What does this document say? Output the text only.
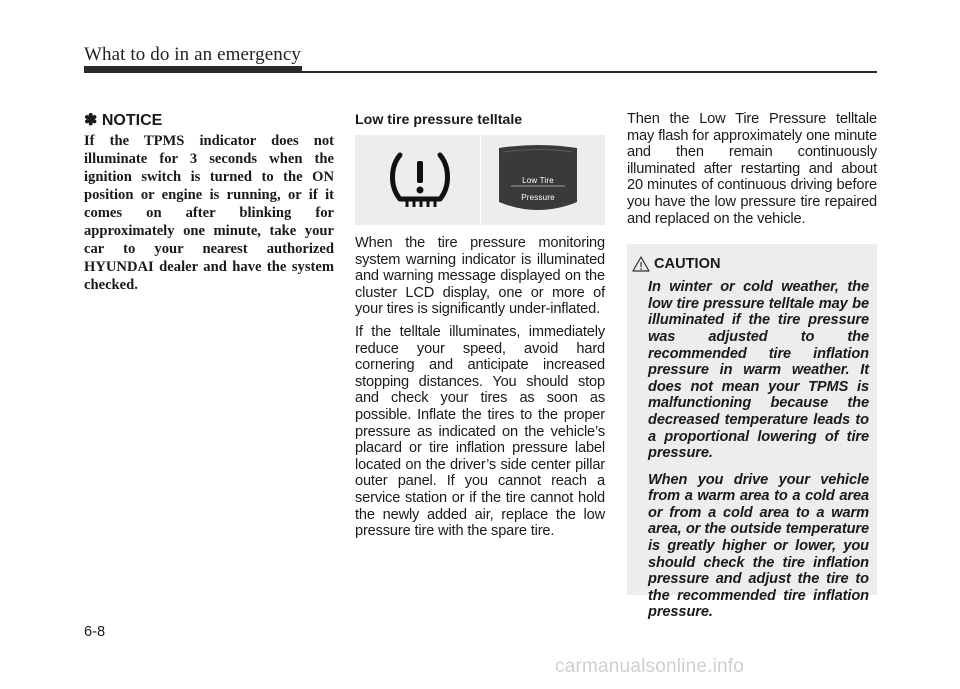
What to do in an emergency

✽ NOTICE

If the TPMS indicator does not illuminate for 3 seconds when the ignition switch is turned to the ON position or engine is running, or if it comes on after blinking for approximately one minute, take your car to your nearest authorized HYUNDAI dealer and have the system checked.

Low tire pressure telltale

Low Tire
Pressure

When the tire pressure monitoring system warning indicator is illuminated and warning message displayed on the cluster LCD display, one or more of your tires is significantly under-inflated.

If the telltale illuminates, immediately reduce your speed, avoid hard cornering and anticipate increased stopping distances. You should stop and check your tires as soon as possible. Inflate the tires to the proper pressure as indicated on the vehicle’s placard or tire inflation pressure label located on the driver’s side center pillar outer panel. If you cannot reach a service station or if the tire cannot hold the newly added air, replace the low pressure tire with the spare tire.

Then the Low Tire Pressure telltale may flash for approximately one minute and then remain continuously illuminated after restarting and about 20 minutes of continuous driving before you have the low pressure tire repaired and replaced on the vehicle.

CAUTION

In winter or cold weather, the low tire pressure telltale may be illuminated if the tire pressure was adjusted to the recommended tire inflation pressure in warm weather. It does not mean your TPMS is malfunctioning because the decreased temperature leads to a proportional lowering of tire pressure.

When you drive your vehicle from a warm area to a cold area or from a cold area to a warm area, or the outside temperature is greatly higher or lower, you should check the tire inflation pressure and adjust the tire to the recommended tire inflation pressure.

6-8
carmanualsonline.info
